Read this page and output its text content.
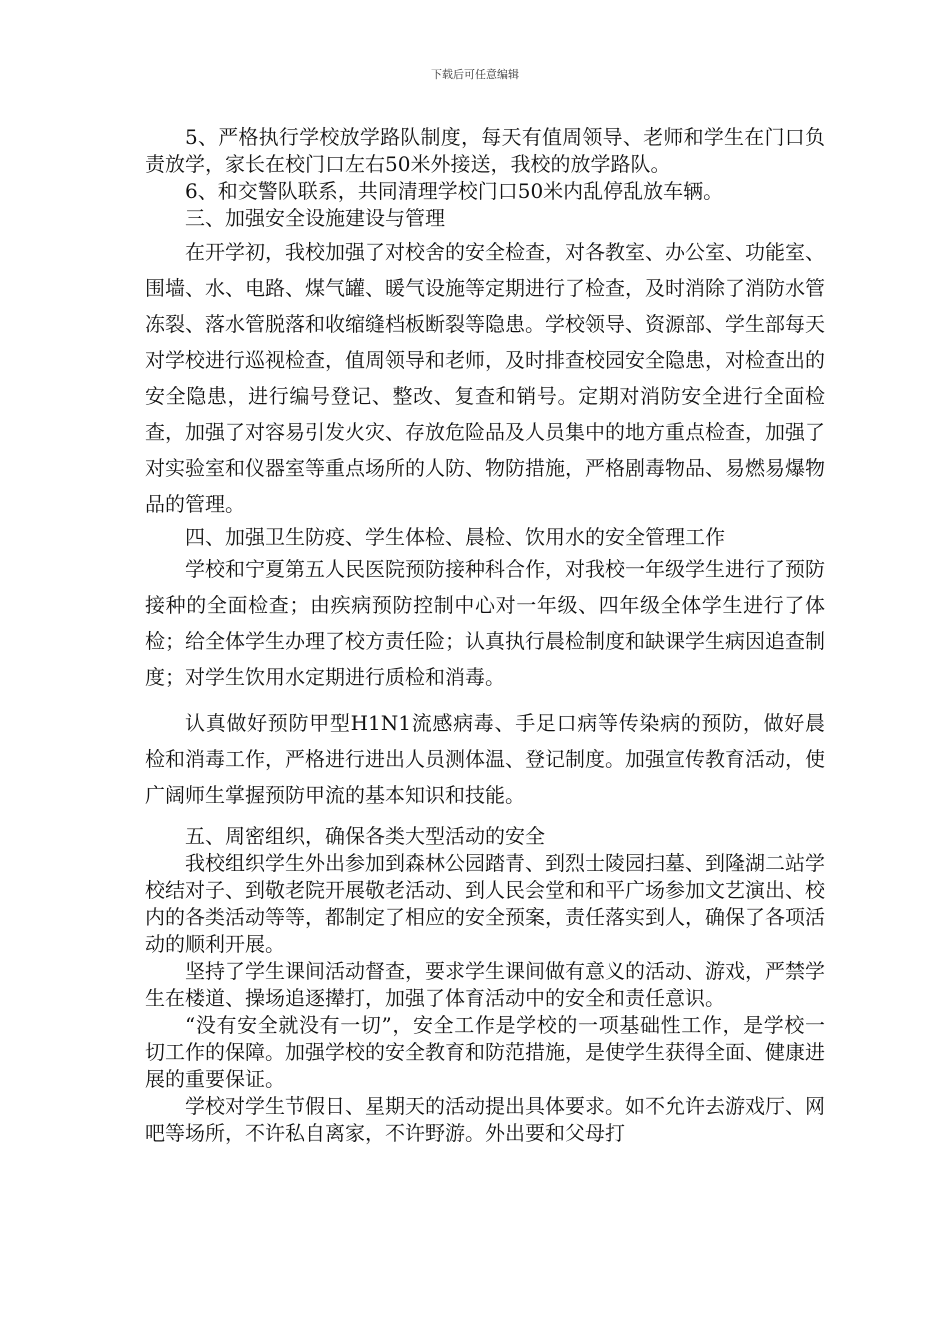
下载后可任意编辑

5、严格执行学校放学路队制度，每天有值周领导、老师和学生在门口负责放学，家长在校门口左右50米外接送，我校的放学路队。

6、和交警队联系，共同清理学校门口50米内乱停乱放车辆。

三、加强安全设施建设与管理

在开学初，我校加强了对校舍的安全检查，对各教室、办公室、功能室、围墙、水、电路、煤气罐、暖气设施等定期进行了检查，及时消除了消防水管冻裂、落水管脱落和收缩缝档板断裂等隐患。学校领导、资源部、学生部每天对学校进行巡视检查，值周领导和老师，及时排查校园安全隐患，对检查出的安全隐患，进行编号登记、整改、复查和销号。定期对消防安全进行全面检查，加强了对容易引发火灾、存放危险品及人员集中的地方重点检查，加强了对实验室和仪器室等重点场所的人防、物防措施，严格剧毒物品、易燃易爆物品的管理。

四、加强卫生防疫、学生体检、晨检、饮用水的安全管理工作

学校和宁夏第五人民医院预防接种科合作，对我校一年级学生进行了预防接种的全面检查；由疾病预防控制中心对一年级、四年级全体学生进行了体检；给全体学生办理了校方责任险；认真执行晨检制度和缺课学生病因追查制度；对学生饮用水定期进行质检和消毒。

认真做好预防甲型H1N1流感病毒、手足口病等传染病的预防，做好晨检和消毒工作，严格进行进出人员测体温、登记制度。加强宣传教育活动，使广阔师生掌握预防甲流的基本知识和技能。

五、周密组织，确保各类大型活动的安全

我校组织学生外出参加到森林公园踏青、到烈士陵园扫墓、到隆湖二站学校结对子、到敬老院开展敬老活动、到人民会堂和和平广场参加文艺演出、校内的各类活动等等，都制定了相应的安全预案，责任落实到人，确保了各项活动的顺利开展。

坚持了学生课间活动督查，要求学生课间做有意义的活动、游戏，严禁学生在楼道、操场追逐撵打，加强了体育活动中的安全和责任意识。

“没有安全就没有一切”，安全工作是学校的一项基础性工作，是学校一切工作的保障。加强学校的安全教育和防范措施，是使学生获得全面、健康进展的重要保证。

学校对学生节假日、星期天的活动提出具体要求。如不允许去游戏厅、网吧等场所，不许私自离家，不许野游。外出要和父母打
